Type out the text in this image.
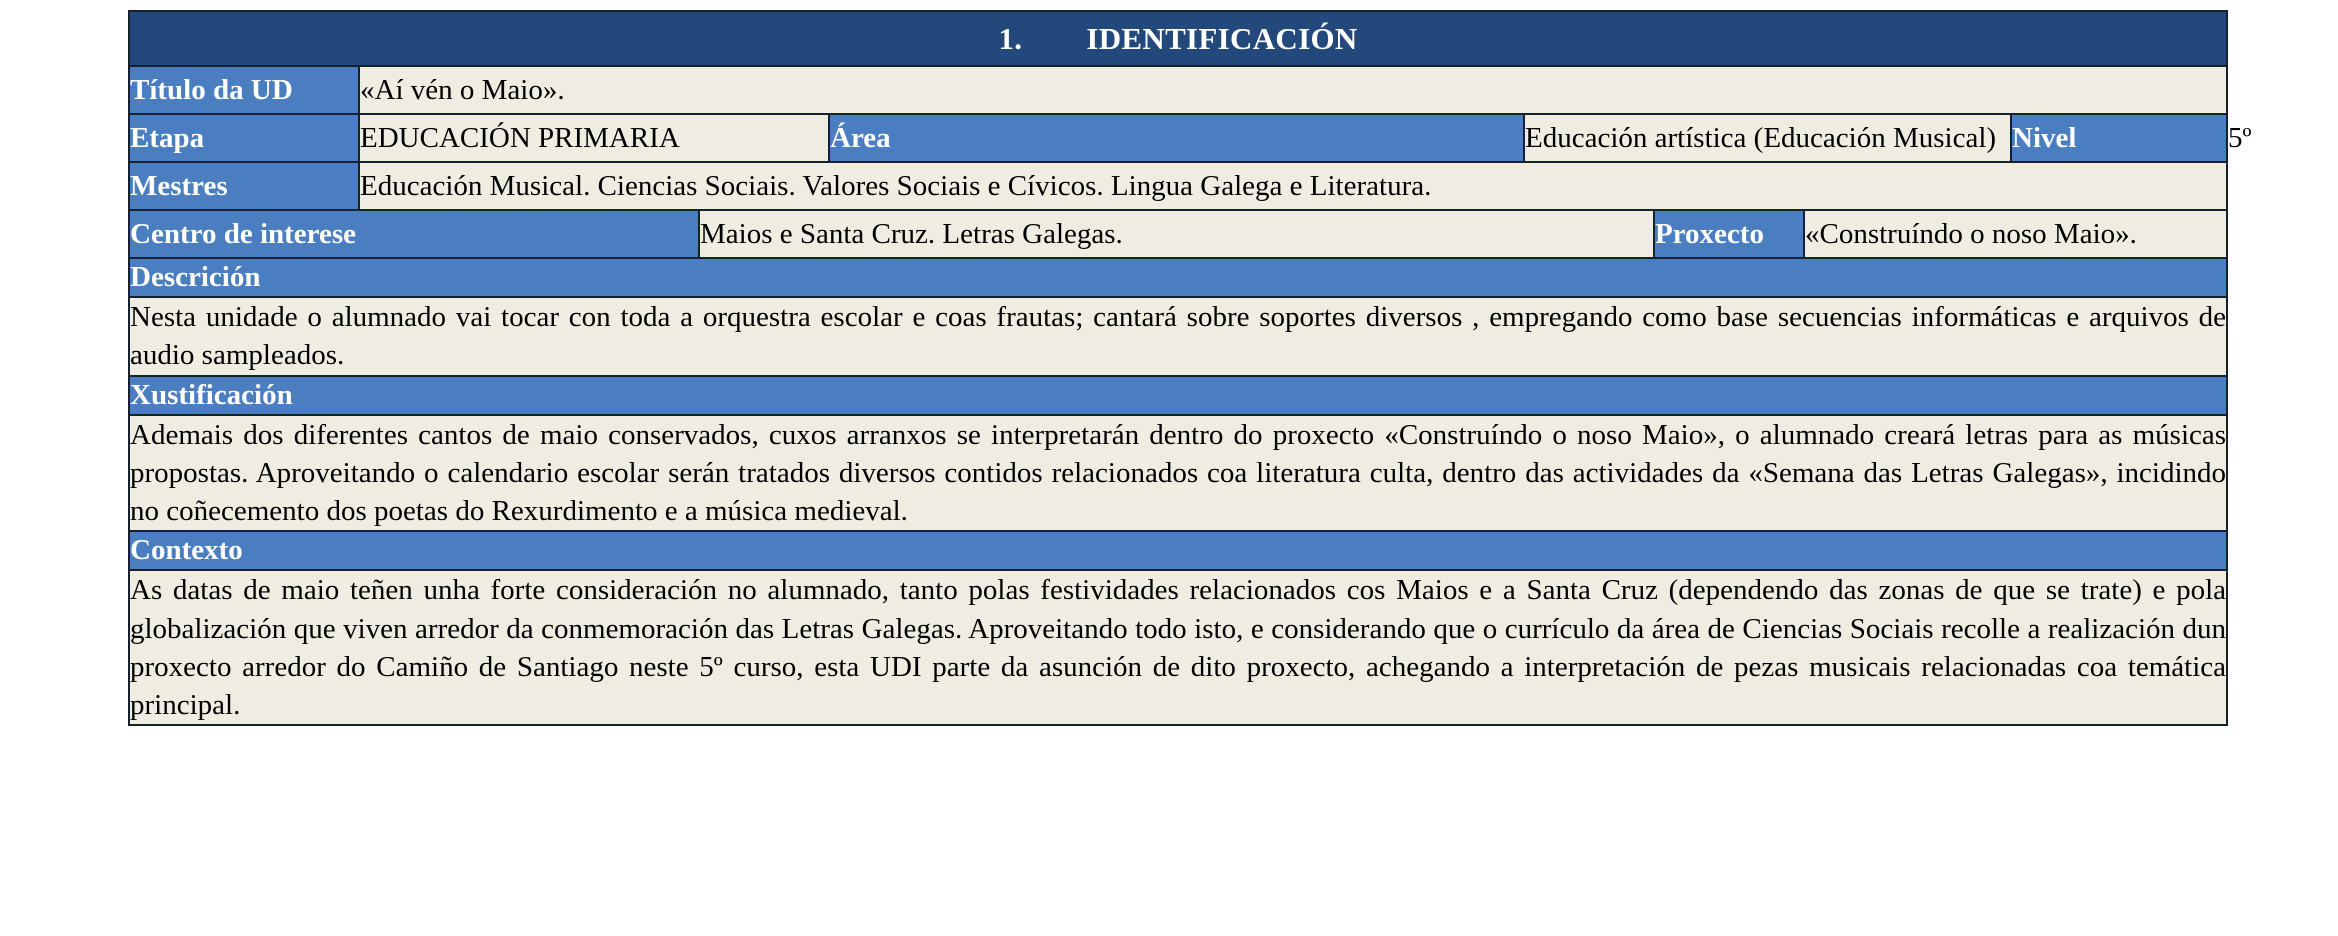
1. IDENTIFICACIÓN								
Título da UD	«Aí vén o Maio».							
Etapa	EDUCACIÓN PRIMARIA		Área	Educación artística (Educación Musical)			Nivel	5º
Mestres	Educación Musical. Ciencias Sociais. Valores Sociais e Cívicos. Lingua Galega e Literatura.							
Centro de interese		Maios e Santa Cruz. Letras Galegas.			Proxecto	«Construíndo o noso Maio».		
Descrición								

Nesta unidade o alumnado vai tocar con toda a orquestra escolar e coas frautas; cantará sobre soportes diversos , empregando como base secuencias informáticas e arquivos de audio sampleados.								

Xustificación								

Ademais dos diferentes cantos de maio conservados, cuxos arranxos se interpretarán dentro do proxecto «Construíndo o noso Maio», o alumnado creará letras para as músicas propostas. Aproveitando o calendario escolar serán tratados diversos contidos relacionados coa literatura culta, dentro das actividades da «Semana das Letras Galegas», incidindo no coñecemento dos poetas do Rexurdimento e a música medieval.								

Contexto								

As datas de maio teñen unha forte consideración no alumnado, tanto polas festividades relacionados cos Maios e a Santa Cruz (dependendo das zonas de que se trate) e pola globalización que viven arredor da conmemoración das Letras Galegas. Aproveitando todo isto, e considerando que o currículo da área de Ciencias Sociais recolle a realización dun proxecto arredor do Camiño de Santiago neste 5º curso, esta UDI parte da asunción de dito proxecto, achegando a interpretación de pezas musicais relacionadas coa temática principal.								
